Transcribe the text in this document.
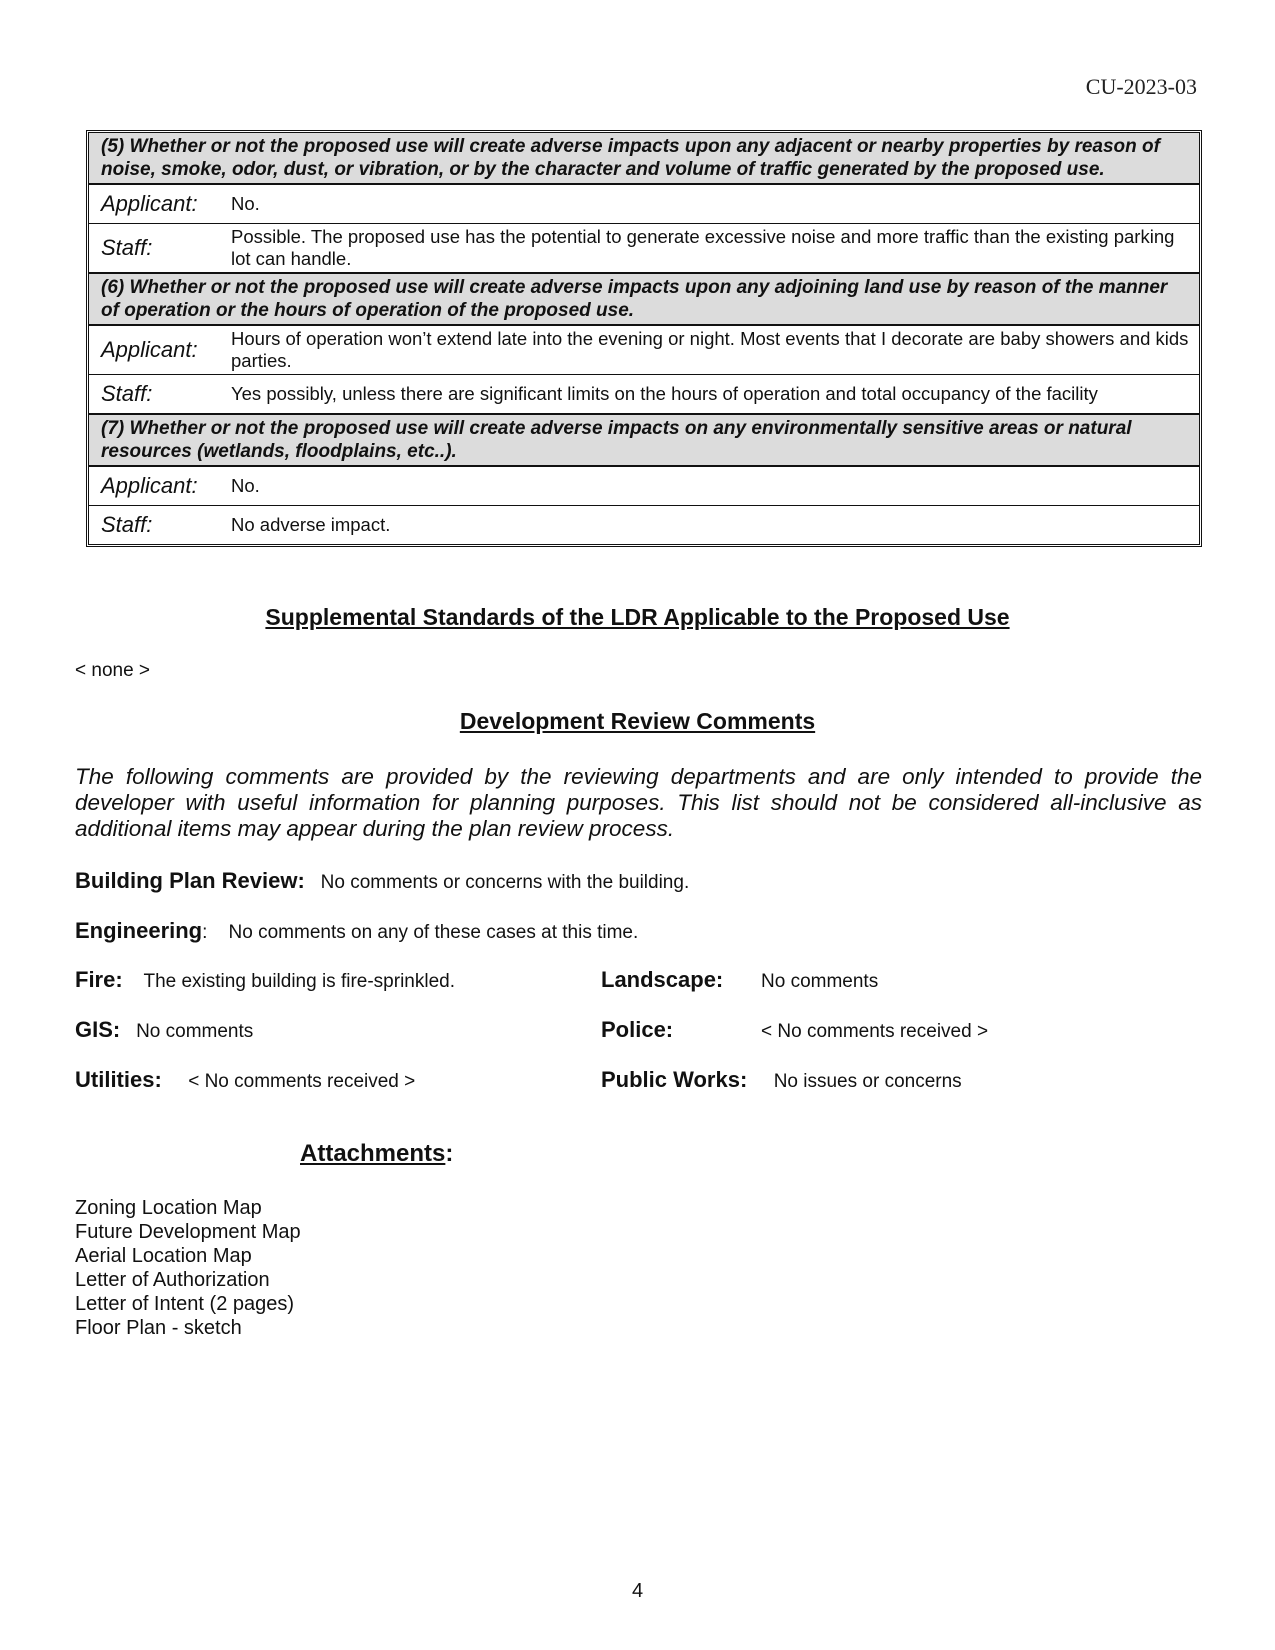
CU-2023-03
(5) Whether or not the proposed use will create adverse impacts upon any adjacent or nearby properties by reason of noise, smoke, odor, dust, or vibration, or by the character and volume of traffic generated by the proposed use.
Applicant:	No.
Staff:	Possible. The proposed use has the potential to generate excessive noise and more traffic than the existing parking lot can handle.
(6) Whether or not the proposed use will create adverse impacts upon any adjoining land use by reason of the manner of operation or the hours of operation of the proposed use.
Applicant:	Hours of operation won’t extend late into the evening or night. Most events that I decorate are baby showers and kids parties.
Staff:	Yes possibly, unless there are significant limits on the hours of operation and total occupancy of the facility
(7) Whether or not the proposed use will create adverse impacts on any environmentally sensitive areas or natural resources (wetlands, floodplains, etc..).
Applicant:	No.
Staff:	No adverse impact.
Supplemental Standards of the LDR Applicable to the Proposed Use
< none >
Development Review Comments

The following comments are provided by the reviewing departments and are only intended to provide the developer with useful information for planning purposes. This list should not be considered all-inclusive as additional items may appear during the plan review process.

Building Plan Review: No comments or concerns with the building.
Engineering: No comments on any of these cases at this time.
Fire: The existing building is fire-sprinkled.	Landscape: No comments
GIS: No comments	Police:	< No comments received >
Utilities: < No comments received >	Public Works: No issues or concerns
Attachments:
Zoning Location Map
Future Development Map
Aerial Location Map
Letter of Authorization
Letter of Intent (2 pages)
Floor Plan - sketch
4
